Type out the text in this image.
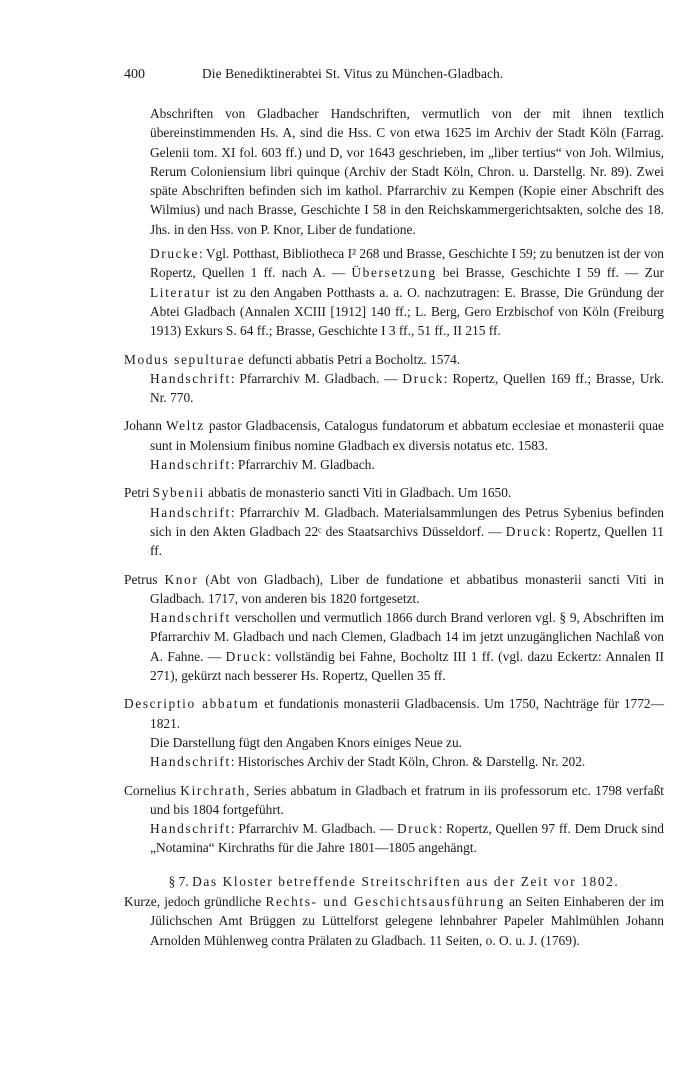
400	Die Benediktinerabtei St. Vitus zu München-Gladbach.

Abschriften von Gladbacher Handschriften, vermutlich von der mit ihnen textlich übereinstimmenden Hs. A, sind die Hss. C von etwa 1625 im Archiv der Stadt Köln (Farrag. Gelenii tom. XI fol. 603 ff.) und D, vor 1643 geschrieben, im „liber tertius“ von Joh. Wilmius, Rerum Coloniensium libri quinque (Archiv der Stadt Köln, Chron. u. Darstellg. Nr. 89). Zwei späte Abschriften befinden sich im kathol. Pfarrarchiv zu Kempen (Kopie einer Abschrift des Wilmius) und nach Brasse, Geschichte I 58 in den Reichskammergerichtsakten, solche des 18. Jhs. in den Hss. von P. Knor, Liber de fundatione.

Drucke: Vgl. Potthast, Bibliotheca I² 268 und Brasse, Geschichte I 59; zu benutzen ist der von Ropertz, Quellen 1 ff. nach A. — Übersetzung bei Brasse, Geschichte I 59 ff. — Zur Literatur ist zu den Angaben Potthasts a. a. O. nachzutragen: E. Brasse, Die Gründung der Abtei Gladbach (Annalen XCIII [1912] 140 ff.; L. Berg, Gero Erzbischof von Köln (Freiburg 1913) Exkurs S. 64 ff.; Brasse, Geschichte I 3 ff., 51 ff., II 215 ff.

Modus sepulturae defuncti abbatis Petri a Bocholtz. 1574.

Handschrift: Pfarrarchiv M. Gladbach. — Druck: Ropertz, Quellen 169 ff.; Brasse, Urk. Nr. 770.

Johann Weltz pastor Gladbacensis, Catalogus fundatorum et abbatum ecclesiae et monasterii quae sunt in Molensium finibus nomine Gladbach ex diversis notatus etc. 1583.

Handschrift: Pfarrarchiv M. Gladbach.

Petri Sybenii abbatis de monasterio sancti Viti in Gladbach. Um 1650.

Handschrift: Pfarrarchiv M. Gladbach. Materialsammlungen des Petrus Sybenius befinden sich in den Akten Gladbach 22ᶜ des Staatsarchivs Düsseldorf. — Druck: Ropertz, Quellen 11 ff.

Petrus Knor (Abt von Gladbach), Liber de fundatione et abbatibus monasterii sancti Viti in Gladbach. 1717, von anderen bis 1820 fortgesetzt.

Handschrift verschollen und vermutlich 1866 durch Brand verloren vgl. § 9, Abschriften im Pfarrarchiv M. Gladbach und nach Clemen, Gladbach 14 im jetzt unzugänglichen Nachlaß von A. Fahne. — Druck: vollständig bei Fahne, Bocholtz III 1 ff. (vgl. dazu Eckertz: Annalen II 271), gekürzt nach besserer Hs. Ropertz, Quellen 35 ff.

Descriptio abbatum et fundationis monasterii Gladbacensis. Um 1750, Nachträge für 1772—1821.

Die Darstellung fügt den Angaben Knors einiges Neue zu.

Handschrift: Historisches Archiv der Stadt Köln, Chron. & Darstellg. Nr. 202.

Cornelius Kirchrath, Series abbatum in Gladbach et fratrum in iis professorum etc. 1798 verfaßt und bis 1804 fortgeführt.

Handschrift: Pfarrarchiv M. Gladbach. — Druck: Ropertz, Quellen 97 ff. Dem Druck sind „Notamina“ Kirchraths für die Jahre 1801—1805 angehängt.

§ 7. Das Kloster betreffende Streitschriften aus der Zeit vor 1802.

Kurze, jedoch gründliche Rechts- und Geschichtsausführung an Seiten Einhaberen der im Jülichschen Amt Brüggen zu Lüttelforst gelegene lehnbahrer Papeler Mahlmühlen Johann Arnolden Mühlenweg contra Prälaten zu Gladbach. 11 Seiten, o. O. u. J. (1769).
